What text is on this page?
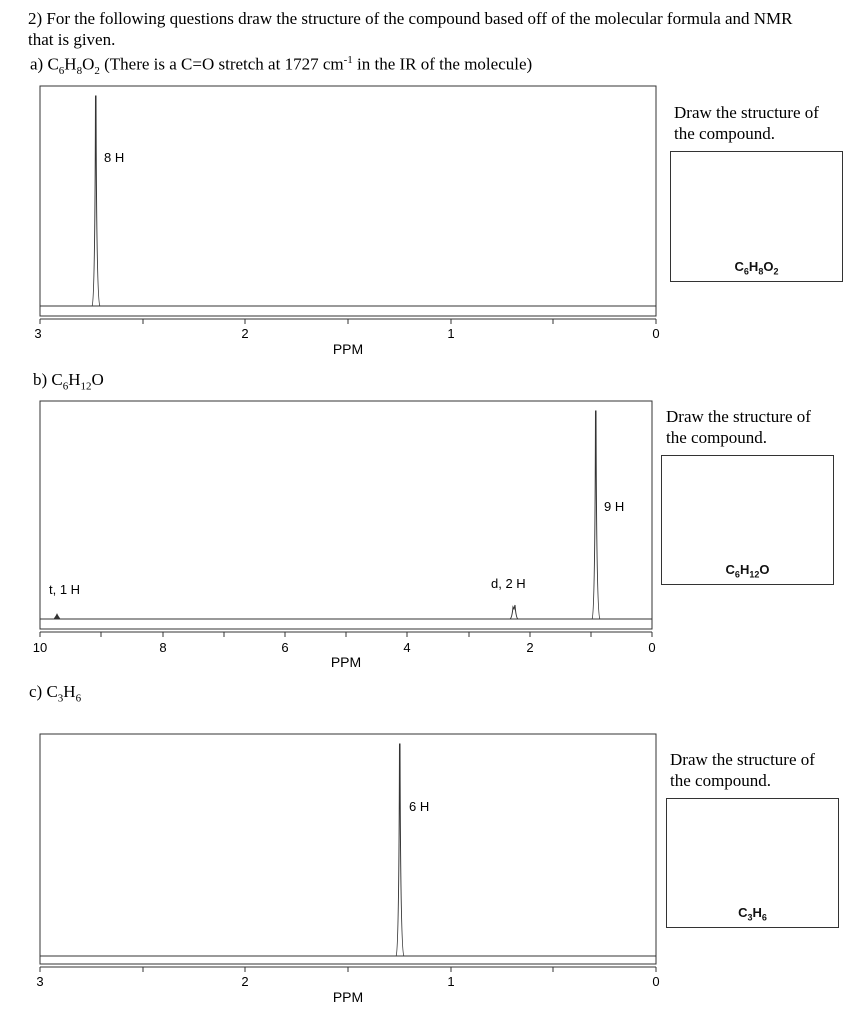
2) For the following questions draw the structure of the compound based off of the molecular formula and NMR
that is given.
a) $C_6H_8O_2$ (There is a C=O stretch at 1727 $cm^{-1}$ in the IR of the molecule)
3	2	1	0
PPM
8 H
Draw the structure of
the compound.
$C_6H_8O_2$
b) $C_6H_{12}O$
10	8	6	4	2	0
PPM
t, 1 H	d, 2 H
9 H
Draw the structure of
the compound.
$C_6H_{12}O$
c) $C_3H_6$
3	2	1	0
PPM
6 H
Draw the structure of
the compound.
$C_3H_6$
